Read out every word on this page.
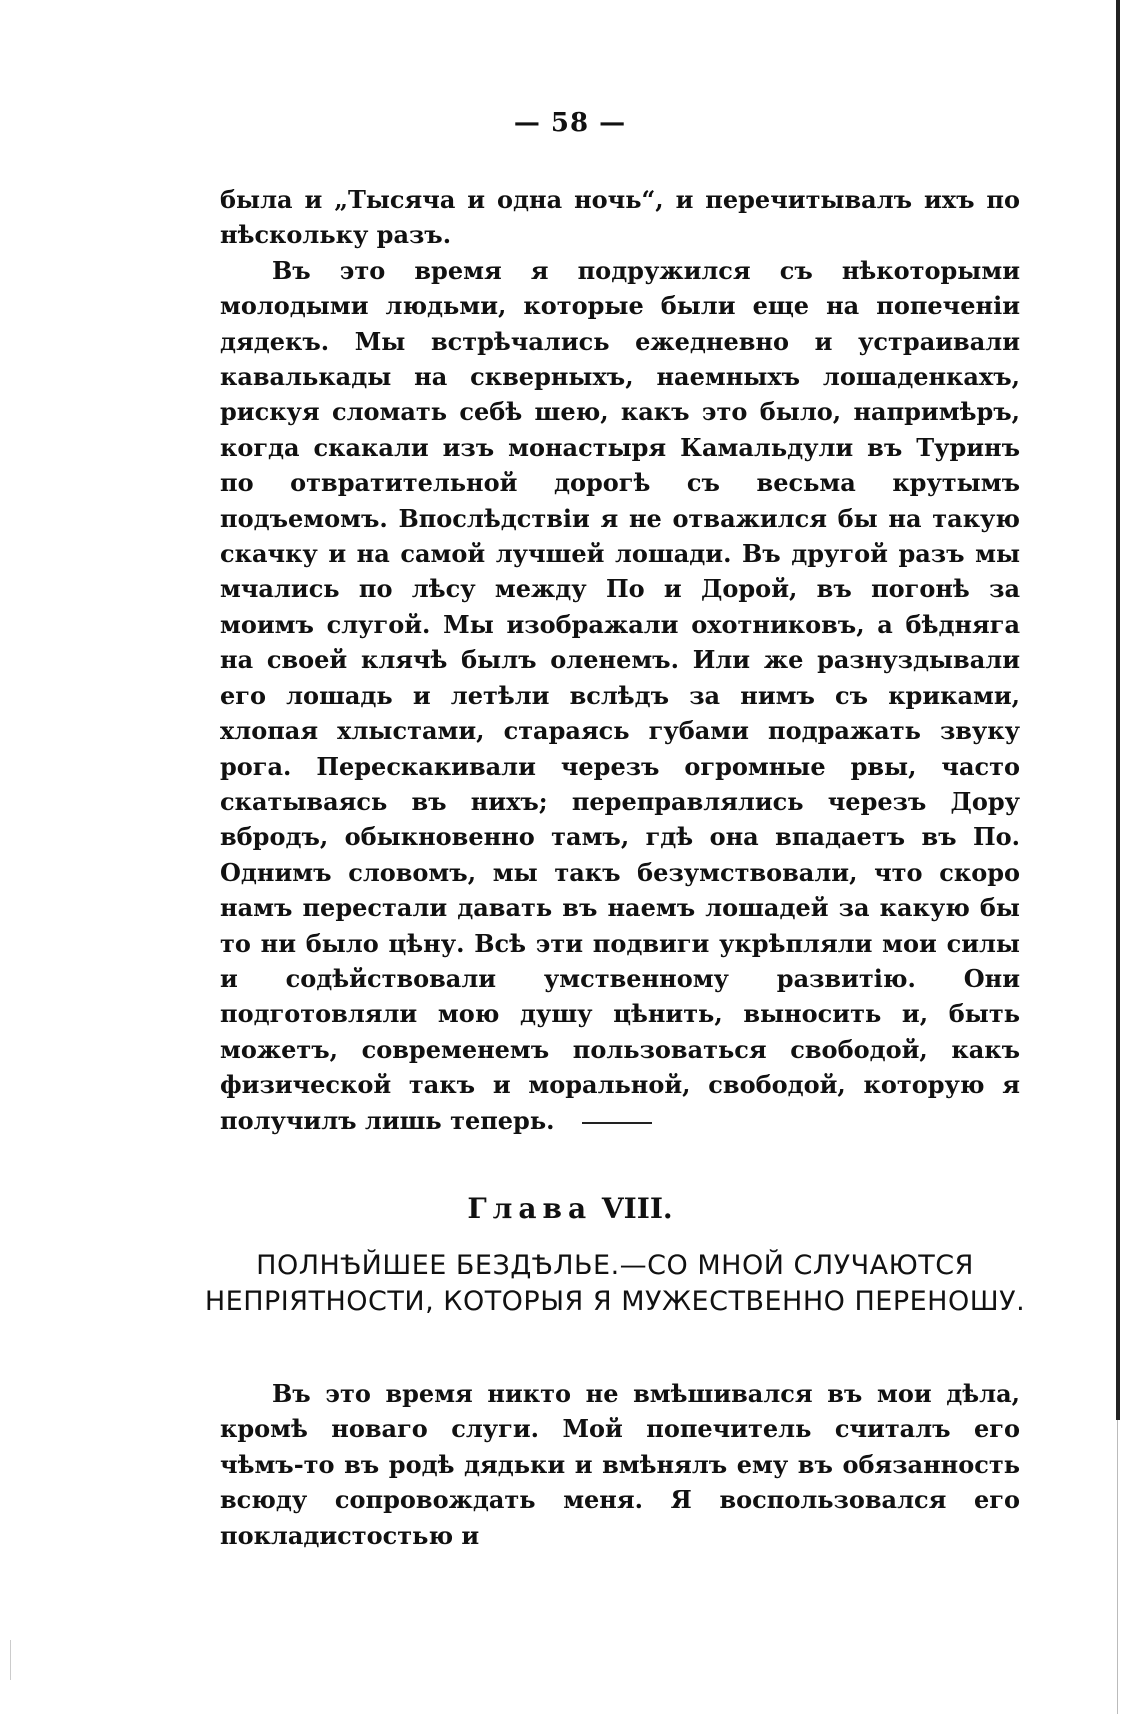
— 58 —

была и „Тысяча и одна ночь“, и перечитывалъ ихъ по нѣскольку разъ.

Въ это время я подружился съ нѣкоторыми молодыми людьми, которые были еще на попеченіи дядекъ. Мы встрѣчались ежедневно и устраивали кавалькады на скверныхъ, наемныхъ лошаденкахъ, рискуя сломать себѣ шею, какъ это было, напримѣръ, когда скакали изъ монастыря Камальдули въ Туринъ по отвратительной дорогѣ съ весьма крутымъ подъемомъ. Впослѣдствіи я не отважился бы на такую скачку и на самой лучшей лошади. Въ другой разъ мы мчались по лѣсу между По и Дорой, въ погонѣ за моимъ слугой. Мы изображали охотниковъ, а бѣдняга на своей клячѣ былъ оленемъ. Или же разнуздывали его лошадь и летѣли вслѣдъ за нимъ съ криками, хлопая хлыстами, стараясь губами подражать звуку рога. Перескакивали черезъ огромные рвы, часто скатываясь въ нихъ; переправлялись черезъ Дору вбродъ, обыкновенно тамъ, гдѣ она впадаетъ въ По. Однимъ словомъ, мы такъ безумствовали, что скоро намъ перестали давать въ наемъ лошадей за какую бы то ни было цѣну. Всѣ эти подвиги укрѣпляли мои силы и содѣйствовали умственному развитію. Они подготовляли мою душу цѣнить, выносить и, быть можетъ, современемъ пользоваться свободой, какъ физической такъ и моральной, свободой, которую я получилъ лишь теперь.

Глава VIII.
ПОЛНѢЙШЕЕ БЕЗДѢЛЬЕ.—СО МНОЙ СЛУЧАЮТСЯ НЕПРІЯТНОСТИ, КОТОРЫЯ Я МУЖЕСТВЕННО ПЕРЕНОШУ.

Въ это время никто не вмѣшивался въ мои дѣла, кромѣ новаго слуги. Мой попечитель считалъ его чѣмъ-то въ родѣ дядьки и вмѣнялъ ему въ обязанность всюду сопровождать меня. Я воспользовался его покладистостью и
